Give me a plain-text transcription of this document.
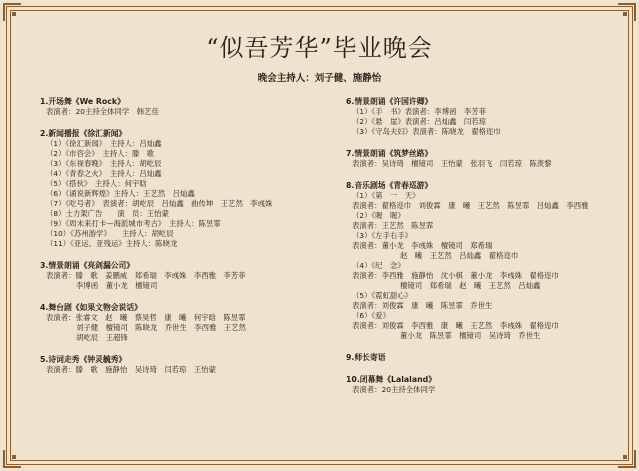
“似吾芳华”毕业晚会
晚会主持人：刘子健、施静怡
1.开场舞《We Rock》
表演者：20主持全体同学　韩艺佳
2.新闻播报《徐汇新闻》
（1）《徐汇新闻》　主持人：吕灿鑫
（2）《市咨会》　主持人：滕　歌
（3）《东视春晚》　主持人：胡屹辰
（4）《青春之火》　主持人：吕灿鑫
（5）《搭伙》　主持人：何宇晗
（6）《诵说新辉煌》主持人：王艺然　吕灿鑫
（7）《吃号者》　表演者：胡屹辰　吕灿鑫　曲传坤　王艺然　李彧姝
（8）士力架广告　　演　员：王怡蒙
（9）《周末来打卡—海派城市考古》　主持人：陈昱霏
（10）《苏州游学》　　主持人：胡屹辰
（11）《亚运、亚残运》主持人：陈晓龙
3.情景朗诵《亮剑漏公司》
表演者：滕　歌　姜鹏威　郑希瑞　李彧姝　李西雅　李芳菲
李博函　董小龙　檀镜司
4.舞台剧《如果文物会说话》
表演者：张睿文　赵　曦　蔡昊哲　康　曦　何宇晗　陈昱霏
刘子健　檀镜司　陈晓龙　乔世生　李西雅　王艺然
胡屹辰　王超锋
5.诗词走秀《钟灵毓秀》
表演者：滕　歌　施静怡　吴诗琦　闫若琼　王怡蒙
6.情景朗诵《许国许卿》
（1）《手　书》表演者：李博函　李芳菲
（2）《悬　崖》表演者：吕灿鑫　闫若琼
（3）《守岛夫妇》表演者：陈晓龙　翟格迩巾
7.情景朗诵《筑梦丝路》
表演者：吴诗琦　檀镜司　王怡蒙　张羽飞　闫若琼　陈羡黎
8.音乐剧场《青春巡游》
（1）《第　一　天》
表演者：翟格迩巾　刘俊霖　康　曦　王艺然　陈昱霏　吕灿鑫　李西雅
（2）《喔　喔》
表演者：王艺然　陈昱霏
（3）《左手右手》
表演者：董小龙　李彧姝　檀镜司　郑希瑞
赵　曦　王艺然　吕灿鑫　翟格迩巾
（4）《纪　念》
表演者：李西雅　施静怡　沈小棋　董小龙　李彧姝　翟格迩巾
檀镜司　郑希瑞　赵　曦　王艺然　吕灿鑫
（5）《霓虹甜心》
表演者：刘俊霖　康　曦　陈昱霏　乔世生
（6）《爱》
表演者：刘俊霖　李西雅　康　曦　王艺然　李彧姝　翟格迩巾
董小龙　陈昱霏　檀镜司　吴诗琦　乔世生
9.师长寄语
10.闭幕舞《Lalaland》
表演者：20主持全体同学
